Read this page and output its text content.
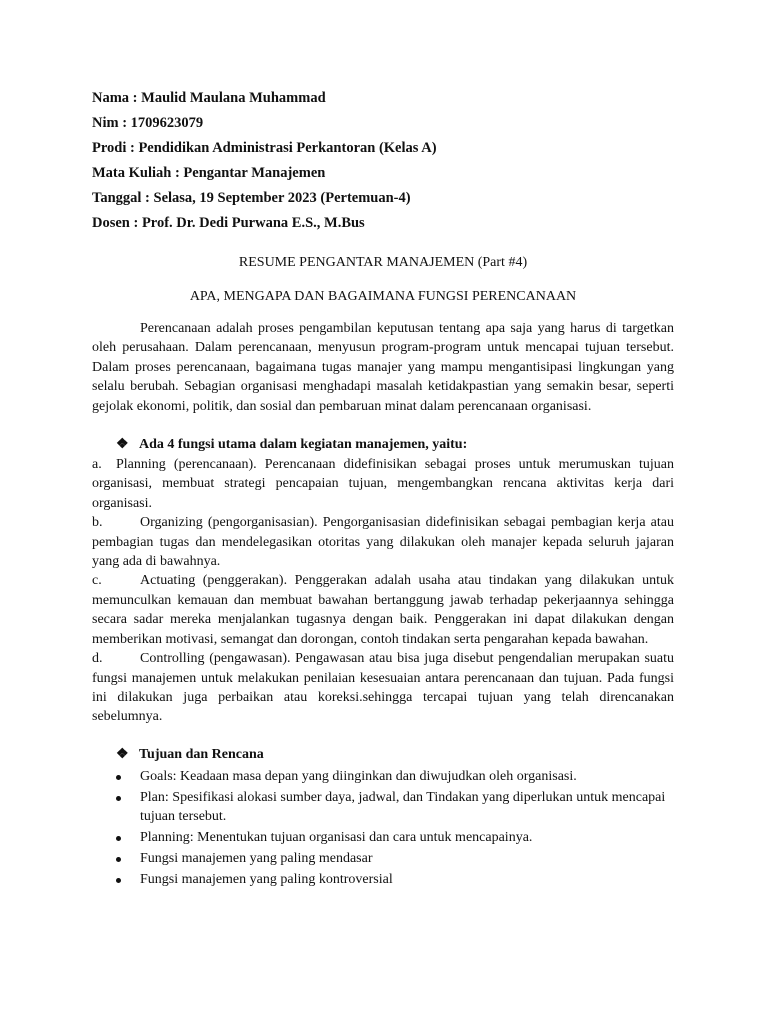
Nama : Maulid Maulana Muhammad
Nim : 1709623079
Prodi : Pendidikan Administrasi Perkantoran (Kelas A)
Mata Kuliah : Pengantar Manajemen
Tanggal : Selasa, 19 September 2023 (Pertemuan-4)
Dosen : Prof. Dr. Dedi Purwana E.S., M.Bus
RESUME PENGANTAR MANAJEMEN (Part #4)
APA, MENGAPA DAN BAGAIMANA FUNGSI PERENCANAAN
Perencanaan adalah proses pengambilan keputusan tentang apa saja yang harus di targetkan oleh perusahaan. Dalam perencanaan, menyusun program-program untuk mencapai tujuan tersebut. Dalam proses perencanaan, bagaimana tugas manajer yang mampu mengantisipasi lingkungan yang selalu berubah. Sebagian organisasi menghadapi masalah ketidakpastian yang semakin besar, seperti gejolak ekonomi, politik, dan sosial dan pembaruan minat dalam perencanaan organisasi.
❖ Ada 4 fungsi utama dalam kegiatan manajemen, yaitu:
a. Planning (perencanaan). Perencanaan didefinisikan sebagai proses untuk merumuskan tujuan organisasi, membuat strategi pencapaian tujuan, mengembangkan rencana aktivitas kerja dari organisasi.
b.	Organizing (pengorganisasian). Pengorganisasian didefinisikan sebagai pembagian kerja atau pembagian tugas dan mendelegasikan otoritas yang dilakukan oleh manajer kepada seluruh jajaran yang ada di bawahnya.
c.	Actuating (penggerakan). Penggerakan adalah usaha atau tindakan yang dilakukan untuk memunculkan kemauan dan membuat bawahan bertanggung jawab terhadap pekerjaannya sehingga secara sadar mereka menjalankan tugasnya dengan baik. Penggerakan ini dapat dilakukan dengan memberikan motivasi, semangat dan dorongan, contoh tindakan serta pengarahan kepada bawahan.
d.	Controlling (pengawasan). Pengawasan atau bisa juga disebut pengendalian merupakan suatu fungsi manajemen untuk melakukan penilaian kesesuaian antara perencanaan dan tujuan. Pada fungsi ini dilakukan juga perbaikan atau koreksi.sehingga tercapai tujuan yang telah direncanakan sebelumnya.
❖ Tujuan dan Rencana
Goals: Keadaan masa depan yang diinginkan dan diwujudkan oleh organisasi.
Plan: Spesifikasi alokasi sumber daya, jadwal, dan Tindakan yang diperlukan untuk mencapai tujuan tersebut.
Planning: Menentukan tujuan organisasi dan cara untuk mencapainya.
Fungsi manajemen yang paling mendasar
Fungsi manajemen yang paling kontroversial
